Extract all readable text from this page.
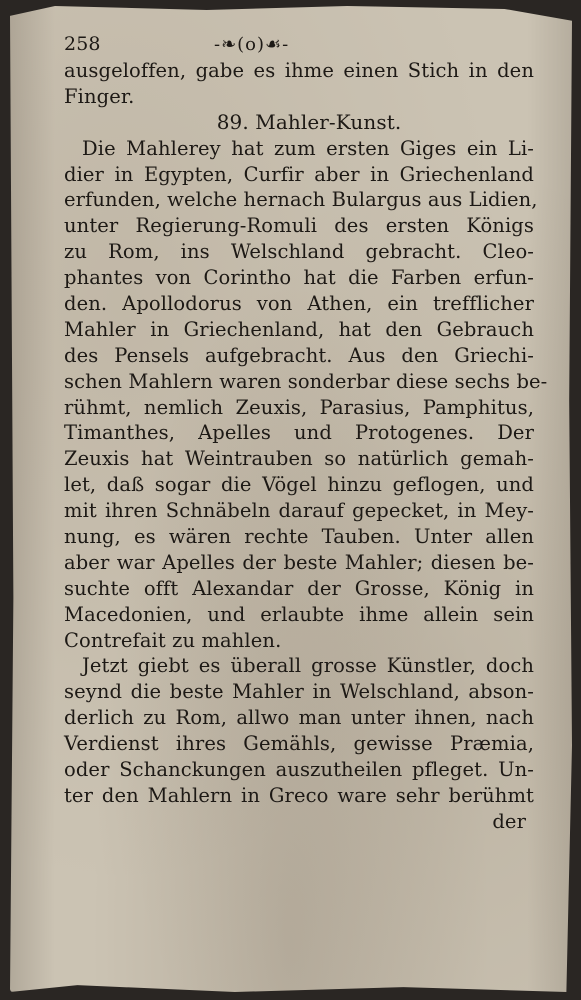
258	-❧(o)☙-
ausgeloffen, gabe es ihme einen Stich in den
Finger.
89. Mahler-Kunst.
Die Mahlerey hat zum ersten Giges ein Li-
dier in Egypten, Curfir aber in Griechenland
erfunden, welche hernach Bulargus aus Lidien,
unter Regierung-Romuli des ersten Königs
zu Rom, ins Welschland gebracht. Cleo-
phantes von Corintho hat die Farben erfun-
den. Apollodorus von Athen, ein trefflicher
Mahler in Griechenland, hat den Gebrauch
des Pensels aufgebracht. Aus den Griechi-
schen Mahlern waren sonderbar diese sechs be-
rühmt, nemlich Zeuxis, Parasius, Pamphitus,
Timanthes, Apelles und Protogenes. Der
Zeuxis hat Weintrauben so natürlich gemah-
let, daß sogar die Vögel hinzu geflogen, und
mit ihren Schnäbeln darauf gepecket, in Mey-
nung, es wären rechte Tauben. Unter allen
aber war Apelles der beste Mahler; diesen be-
suchte offt Alexandar der Grosse, König in
Macedonien, und erlaubte ihme allein sein
Contrefait zu mahlen.
Jetzt giebt es überall grosse Künstler, doch
seynd die beste Mahler in Welschland, abson-
derlich zu Rom, allwo man unter ihnen, nach
Verdienst ihres Gemähls, gewisse Præmia,
oder Schanckungen auszutheilen pfleget. Un-
ter den Mahlern in Greco ware sehr berühmt
der
